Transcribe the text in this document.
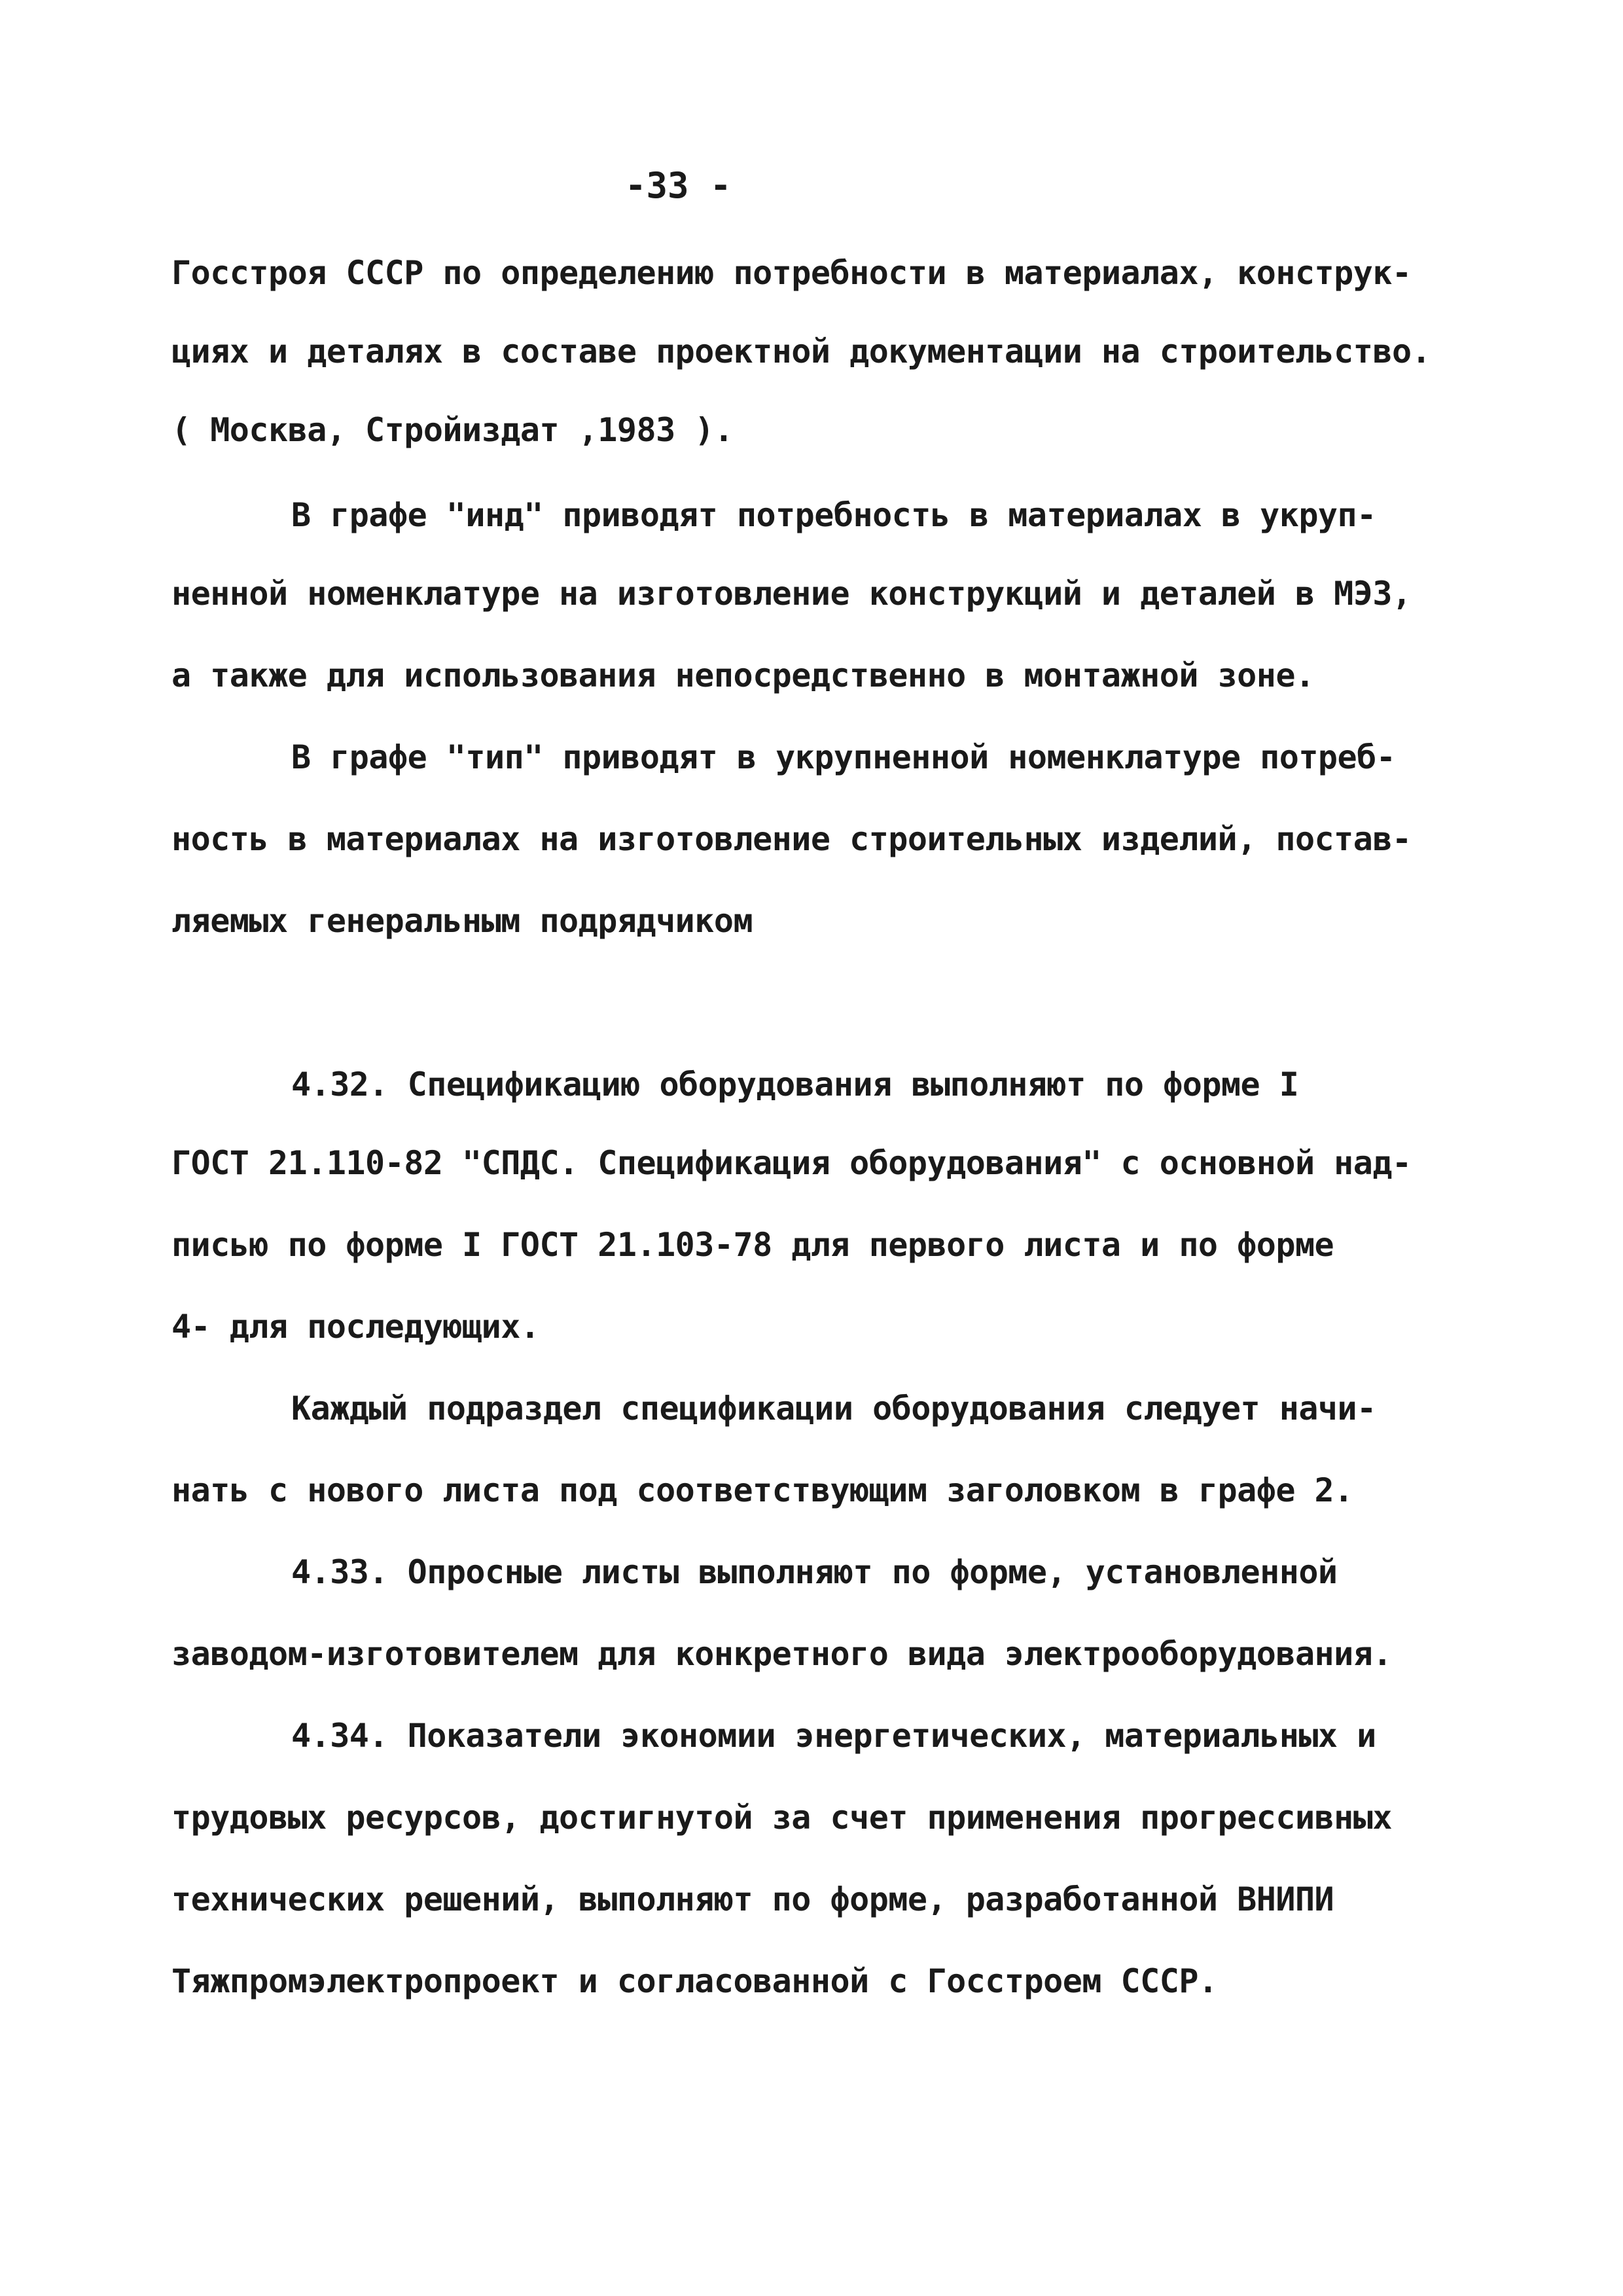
-33 -
Госстроя СССР по определению потребности в материалах, конструк-
циях и деталях в составе проектной документации на строительство.
( Москва, Стройиздат ,1983 ).
В графе "инд" приводят потребность в материалах в укруп-
ненной номенклатуре на изготовление конструкций и деталей в МЭЗ,
а также для использования непосредственно в монтажной зоне.
В графе "тип" приводят в укрупненной номенклатуре потреб-
ность в материалах на изготовление строительных изделий, постав-
ляемых генеральным подрядчиком
4.32. Спецификацию оборудования выполняют по форме I
ГОСТ 21.110-82 "СПДС. Спецификация оборудования" с основной над-
писью по форме I ГОСТ 21.103-78 для первого листа и по форме
4- для последующих.
Каждый подраздел спецификации оборудования следует начи-
нать с нового листа под соответствующим заголовком в графе 2.
4.33. Опросные листы выполняют по форме, установленной
заводом-изготовителем для конкретного вида электрооборудования.
4.34. Показатели экономии энергетических, материальных и
трудовых ресурсов, достигнутой за счет применения прогрессивных
технических решений, выполняют по форме, разработанной ВНИПИ
Тяжпромэлектропроект и согласованной с Госстроем СССР.
